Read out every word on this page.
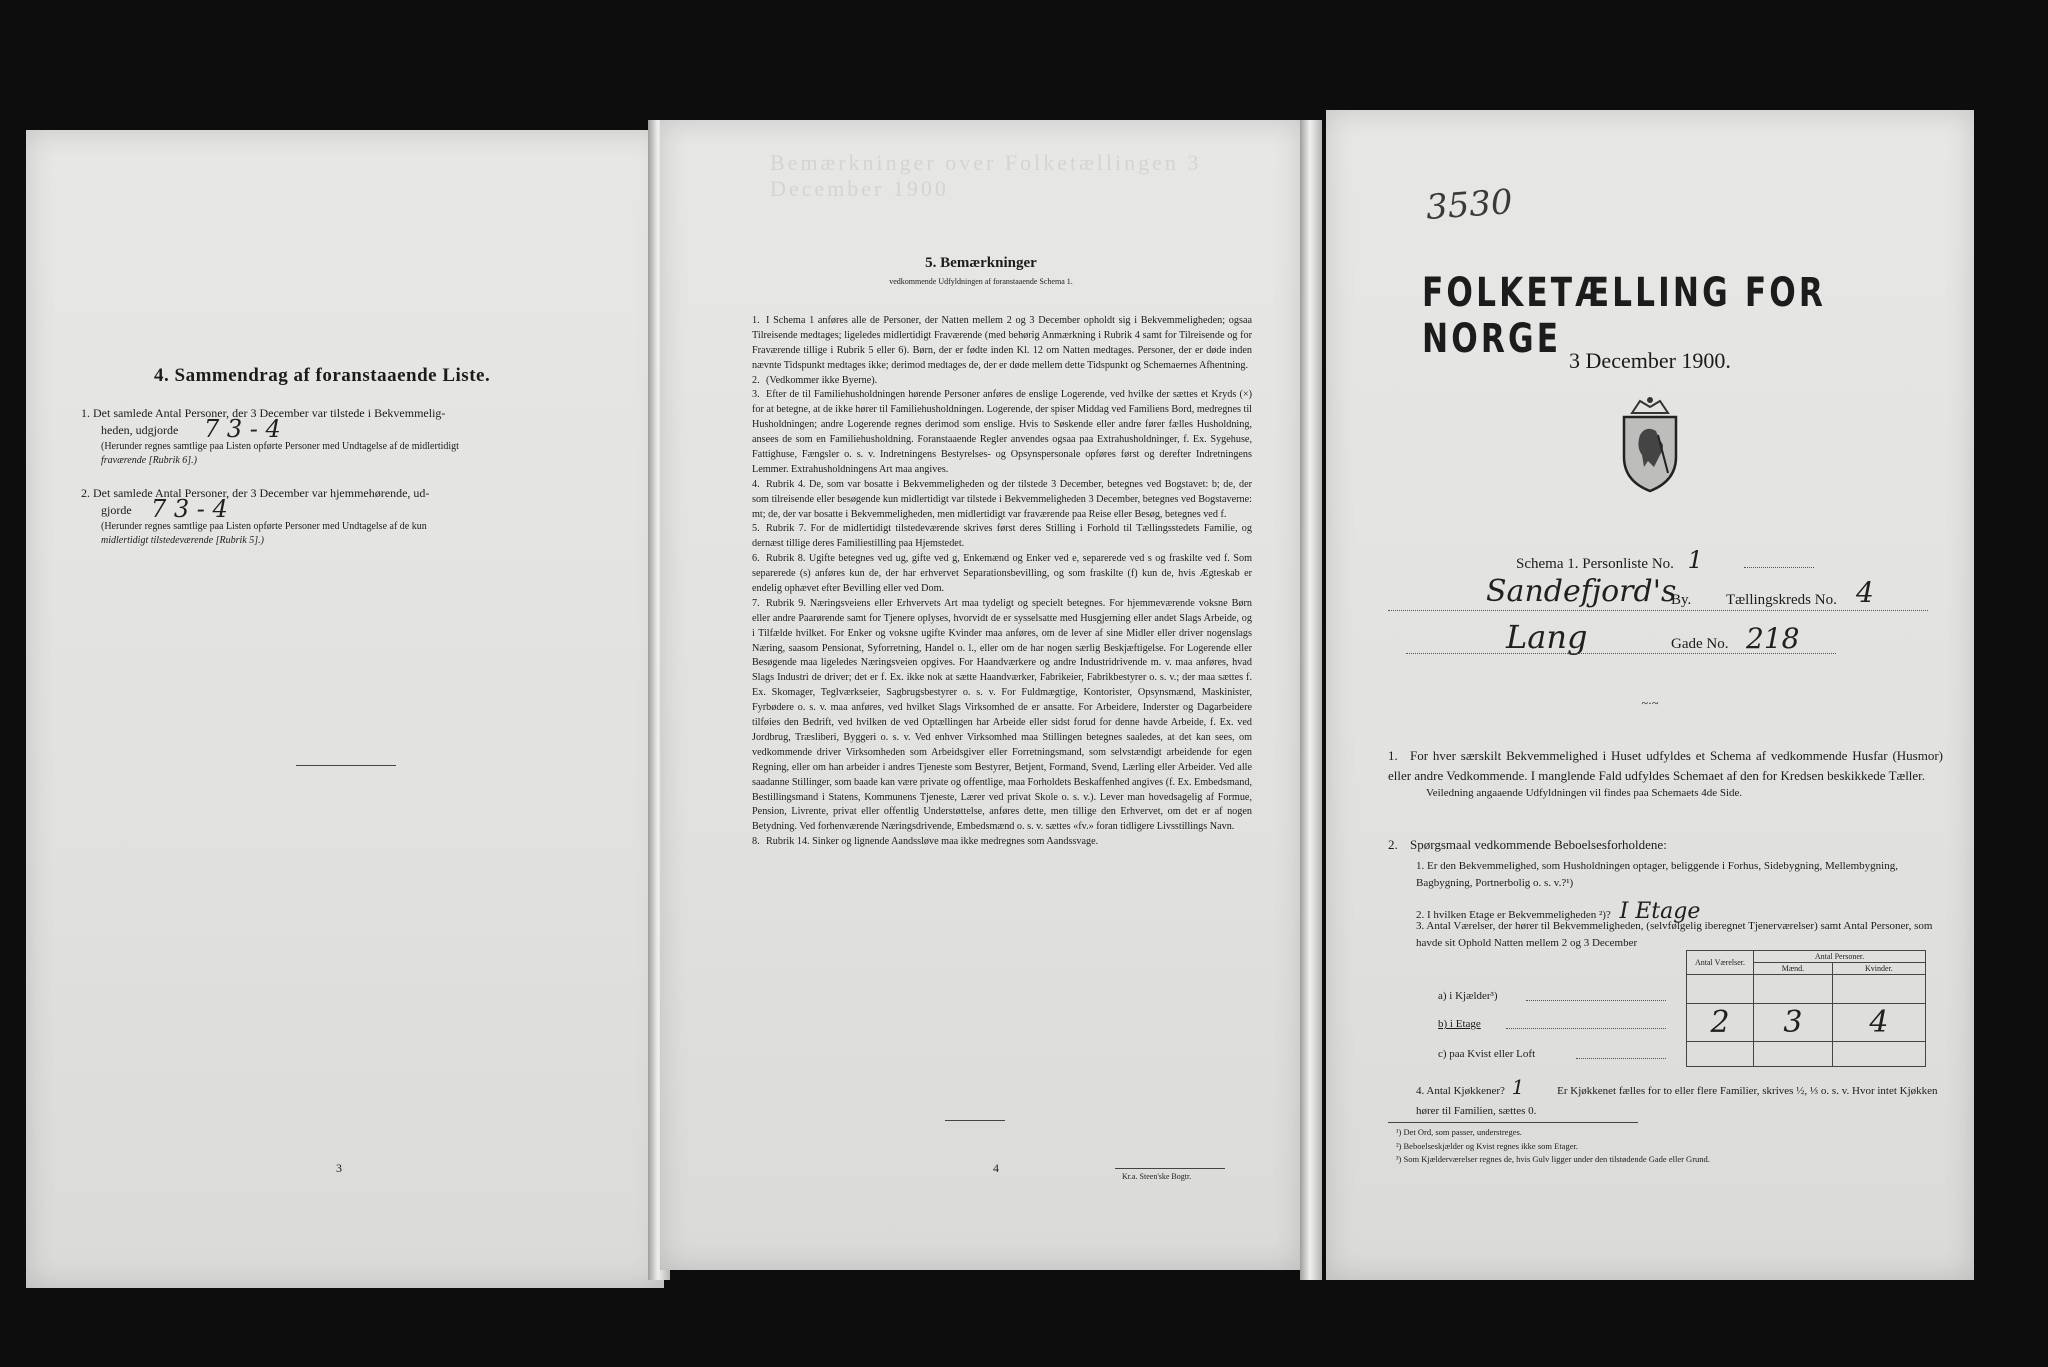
4. Sammendrag af foranstaaende Liste.
1. Det samlede Antal Personer, der 3 December var tilstede i Bekvemmelig-
heden, udgjorde 7 3 - 4
(Herunder regnes samtlige paa Listen opførte Personer med Undtagelse af de midlertidigt
fraværende [Rubrik 6].)
2. Det samlede Antal Personer, der 3 December var hjemmehørende, ud-
gjorde 7 3 - 4
(Herunder regnes samtlige paa Listen opførte Personer med Undtagelse af de kun
midlertidigt tilstedeværende [Rubrik 5].)
3
Bemærkninger over Folketællingen 3 December 1900
5. Bemærkninger
vedkommende Udfyldningen af foranstaaende Schema 1.
1. I Schema 1 anføres alle de Personer, der Natten mellem 2 og 3 December opholdt sig i Bekvemmeligheden; ogsaa Tilreisende medtages; ligeledes midlertidigt Fraværende (med behørig Anmærkning i Rubrik 4 samt for Tilreisende og for Fraværende tillige i Rubrik 5 eller 6). Børn, der er fødte inden Kl. 12 om Natten medtages. Personer, der er døde inden nævnte Tidspunkt medtages ikke; derimod medtages de, der er døde mellem dette Tidspunkt og Schemaernes Afhentning.
2. (Vedkommer ikke Byerne).
3. Efter de til Familiehusholdningen hørende Personer anføres de enslige Logerende, ved hvilke der sættes et Kryds (×) for at betegne, at de ikke hører til Familiehusholdningen. Logerende, der spiser Middag ved Familiens Bord, medregnes til Husholdningen; andre Logerende regnes derimod som enslige. Hvis to Søskende eller andre fører fælles Husholdning, ansees de som en Familiehusholdning. Foranstaaende Regler anvendes ogsaa paa Extrahusholdninger, f. Ex. Sygehuse, Fattighuse, Fængsler o. s. v. Indretningens Bestyrelses- og Opsynspersonale opføres først og derefter Indretningens Lemmer. Extrahusholdningens Art maa angives.
4. Rubrik 4. De, som var bosatte i Bekvemmeligheden og der tilstede 3 December, betegnes ved Bogstavet: b; de, der som tilreisende eller besøgende kun midlertidigt var tilstede i Bekvemmeligheden 3 December, betegnes ved Bogstaverne: mt; de, der var bosatte i Bekvemmeligheden, men midlertidigt var fraværende paa Reise eller Besøg, betegnes ved f.
5. Rubrik 7. For de midlertidigt tilstedeværende skrives først deres Stilling i Forhold til Tællingsstedets Familie, og dernæst tillige deres Familiestilling paa Hjemstedet.
6. Rubrik 8. Ugifte betegnes ved ug, gifte ved g, Enkemænd og Enker ved e, separerede ved s og fraskilte ved f. Som separerede (s) anføres kun de, der har erhvervet Separationsbevilling, og som fraskilte (f) kun de, hvis Ægteskab er endelig ophævet efter Bevilling eller ved Dom.
7. Rubrik 9. Næringsveiens eller Erhvervets Art maa tydeligt og specielt betegnes. For hjemmeværende voksne Børn eller andre Paarørende samt for Tjenere oplyses, hvorvidt de er sysselsatte med Husgjerning eller andet Slags Arbeide, og i Tilfælde hvilket. For Enker og voksne ugifte Kvinder maa anføres, om de lever af sine Midler eller driver nogenslags Næring, saasom Pensionat, Syforretning, Handel o. l., eller om de har nogen særlig Beskjæftigelse. For Logerende eller Besøgende maa ligeledes Næringsveien opgives. For Haandværkere og andre Industridrivende m. v. maa anføres, hvad Slags Industri de driver; det er f. Ex. ikke nok at sætte Haandværker, Fabrikeier, Fabrikbestyrer o. s. v.; der maa sættes f. Ex. Skomager, Teglværkseier, Sagbrugsbestyrer o. s. v. For Fuldmægtige, Kontorister, Opsynsmænd, Maskinister, Fyrbødere o. s. v. maa anføres, ved hvilket Slags Virksomhed de er ansatte. For Arbeidere, Inderster og Dagarbeidere tilføies den Bedrift, ved hvilken de ved Optællingen har Arbeide eller sidst forud for denne havde Arbeide, f. Ex. ved Jordbrug, Træsliberi, Byggeri o. s. v. Ved enhver Virksomhed maa Stillingen betegnes saaledes, at det kan sees, om vedkommende driver Virksomheden som Arbeidsgiver eller Forretningsmand, som selvstændigt arbeidende for egen Regning, eller om han arbeider i andres Tjeneste som Bestyrer, Betjent, Formand, Svend, Lærling eller Arbeider. Ved alle saadanne Stillinger, som baade kan være private og offentlige, maa Forholdets Beskaffenhed angives (f. Ex. Embedsmand, Bestillingsmand i Statens, Kommunens Tjeneste, Lærer ved privat Skole o. s. v.). Lever man hovedsagelig af Formue, Pension, Livrente, privat eller offentlig Understøttelse, anføres dette, men tillige den Erhvervet, om det er af nogen Betydning. Ved forhenværende Næringsdrivende, Embedsmænd o. s. v. sættes «fv.» foran tidligere Livsstillings Navn.
8. Rubrik 14. Sinker og lignende Aandssløve maa ikke medregnes som Aandssvage.
4
Kr.a. Steen'ske Bogtr.
3530
FOLKETÆLLING FOR NORGE 3 December 1900.
Schema 1. Personliste No. 1
Sandefjord's
By. Tællingskreds No. 4
Lang	Gade No. 218
~·~
1. For hver særskilt Bekvemmelighed i Huset udfyldes et Schema af vedkommende Husfar (Husmor) eller andre Vedkommende. I manglende Fald udfyldes Schemaet af den for Kredsen beskikkede Tæller.
Veiledning angaaende Udfyldningen vil findes paa Schemaets 4de Side.
2. Spørgsmaal vedkommende Beboelsesforholdene:
1. Er den Bekvemmelighed, som Husholdningen optager, beliggende i Forhus, Sidebygning, Mellembygning, Bagbygning, Portnerbolig o. s. v.?¹)
2. I hvilken Etage er Bekvemmeligheden ²)? I Etage
3. Antal Værelser, der hører til Bekvemmeligheden, (selvfølgelig iberegnet Tjenerværelser) samt Antal Personer, som havde sit Ophold Natten mellem 2 og 3 December
a) i Kjælder³)
b) i Etage
c) paa Kvist eller Loft
Antal Værelser.	Antal Personer.	
	Mænd.	Kvinder.

2	3	4

4. Antal Kjøkkener? 1	Er Kjøkkenet fælles for to eller flere Familier, skrives ½, ⅓ o. s. v. Hvor intet Kjøkken hører til Familien, sættes 0.
¹) Det Ord, som passer, understreges.
²) Beboelseskjælder og Kvist regnes ikke som Etager.
³) Som Kjælderværelser regnes de, hvis Gulv ligger under den tilstødende Gade eller Grund.
